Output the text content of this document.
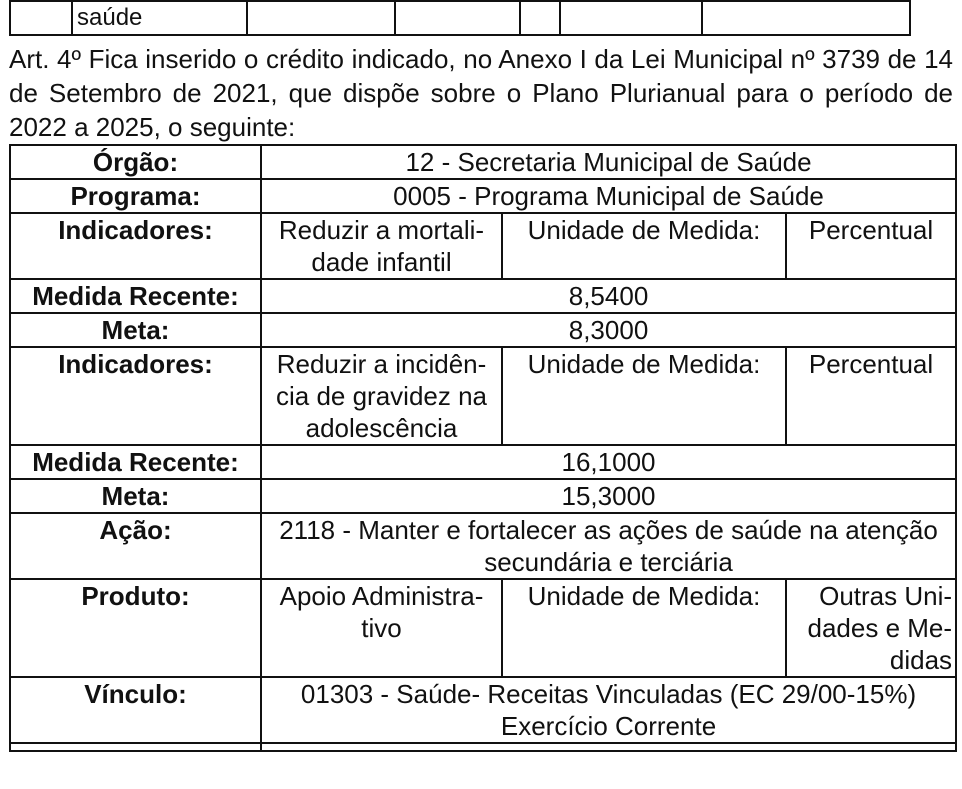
	saúde					

Art. 4º Fica inserido o crédito indicado, no Anexo I da Lei Municipal nº 3739 de 14 de Setembro de 2021, que dispõe sobre o Plano Plurianual para o período de 2022 a 2025, o seguinte:

Órgão:	12 - Secretaria Municipal de Saúde		
Programa:	0005 - Programa Municipal de Saúde		
Indicadores:	Reduzir a mortali-dade infantil	Unidade de Medida:	Percentual
Medida Recente:	8,5400		
Meta:	8,3000		
Indicadores:	Reduzir a incidên-cia de gravidez na adolescência	Unidade de Medida:	Percentual
Medida Recente:	16,1000		
Meta:	15,3000		
Ação:	2118 - Manter e fortalecer as ações de saúde na atenção secundária e terciária		
Produto:	Apoio Administra-tivo	Unidade de Medida:	Outras Uni-dades e Me-didas
Vínculo:	01303 - Saúde- Receitas Vinculadas (EC 29/00-15%) Exercício Corrente		
